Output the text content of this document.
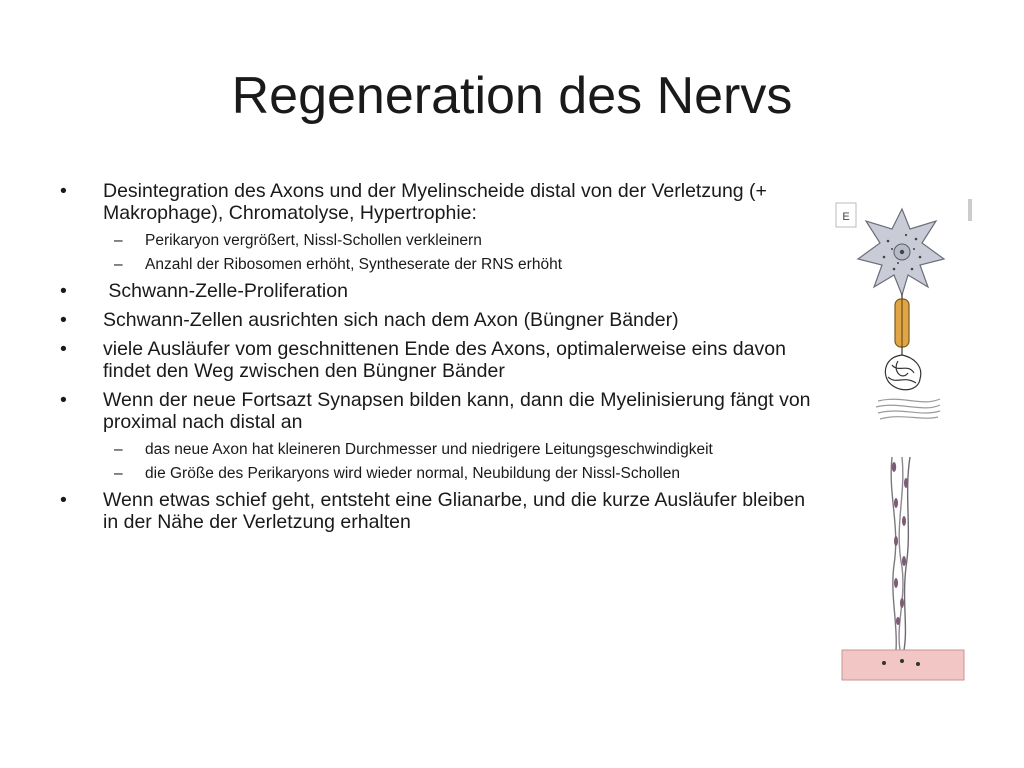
Regeneration des Nervs
•	Desintegration des Axons und der Myelinscheide distal von der Verletzung (+ Makrophage), Chromatolyse, Hypertrophie:
– Perikaryon vergrößert, Nissl-Schollen verkleinern
– Anzahl der Ribosomen erhöht, Syntheserate der RNS erhöht
•	Schwann-Zelle-Proliferation
•	Schwann-Zellen ausrichten sich nach dem Axon (Büngner Bänder)
•	viele Ausläufer vom geschnittenen Ende des Axons, optimalerweise eins davon findet den Weg zwischen den Büngner Bänder
•	Wenn der neue Fortsazt Synapsen bilden kann, dann die Myelinisierung fängt von proximal nach distal an
– das neue Axon hat kleineren Durchmesser und niedrigere Leitungsgeschwindigkeit
– die Größe des Perikaryons wird wieder normal, Neubildung der Nissl-Schollen
•	Wenn etwas schief geht, entsteht eine Glianarbe, und die kurze Ausläufer bleiben in der Nähe der Verletzung erhalten
E
